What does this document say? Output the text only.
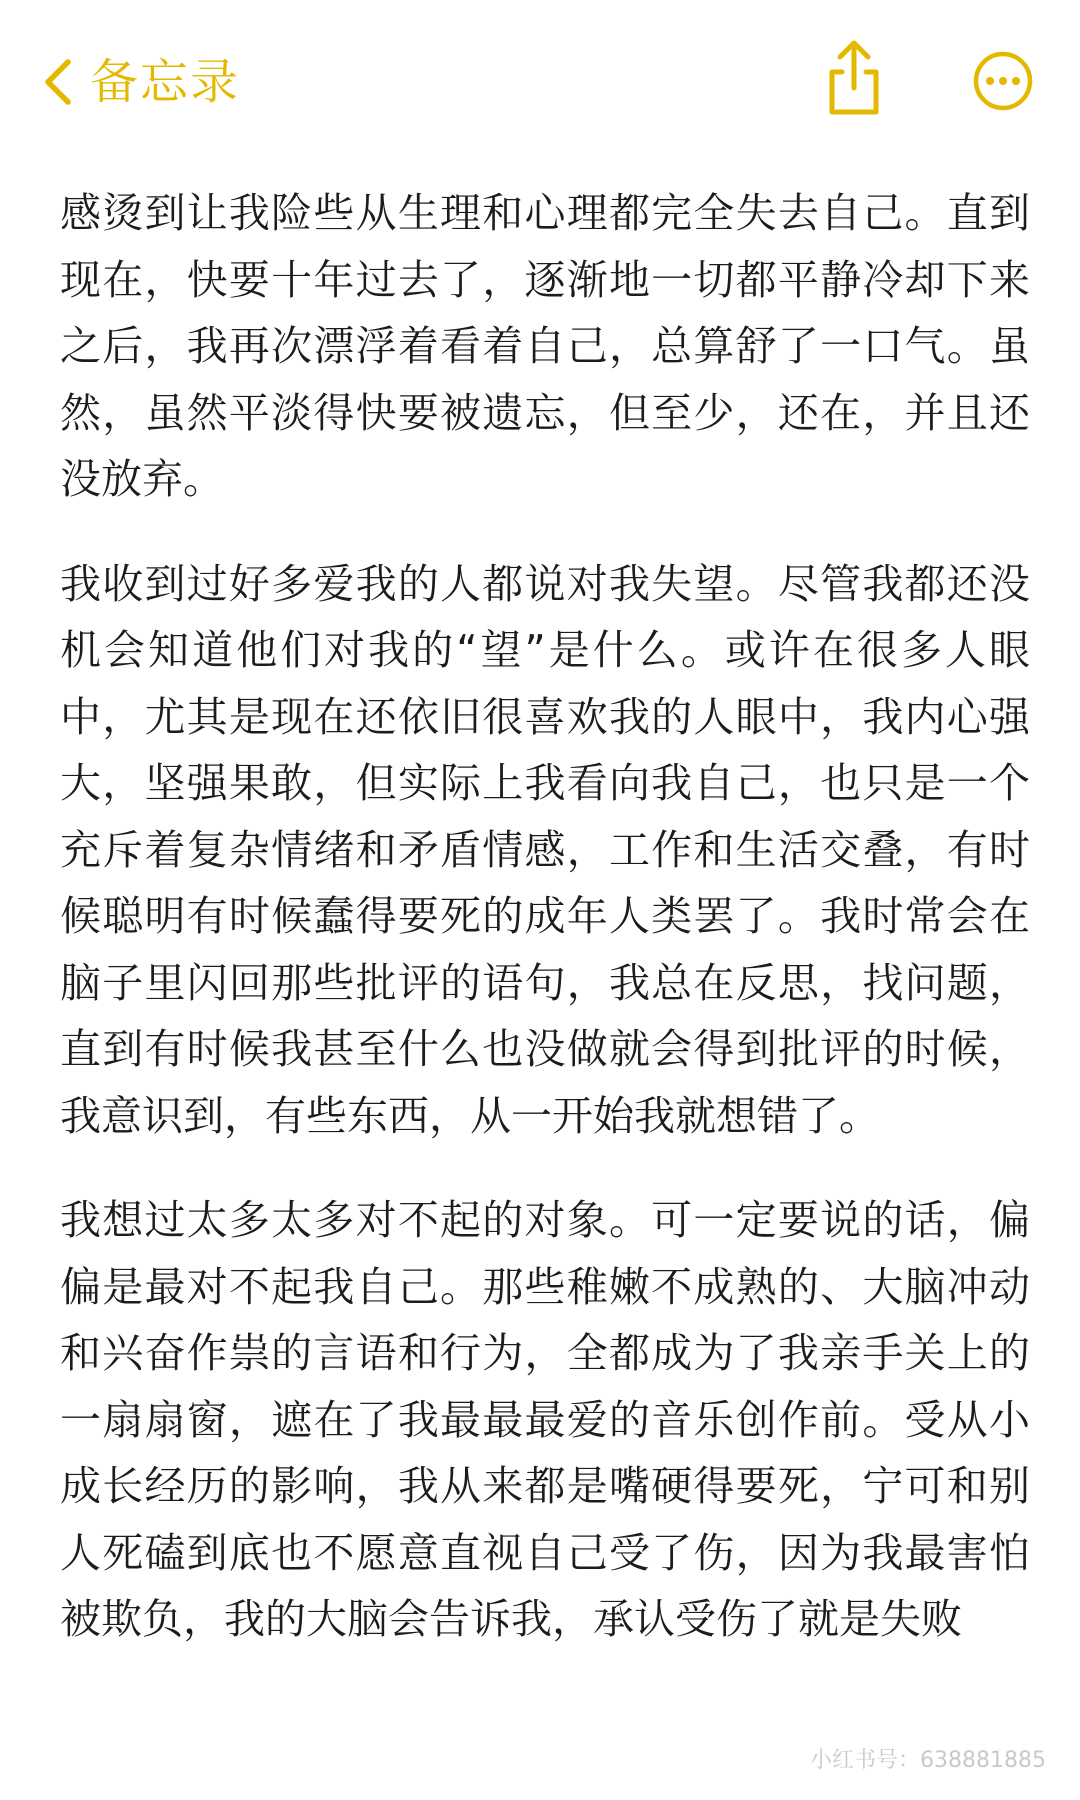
备忘录

感烫到让我险些从生理和心理都完全失去自己。直到现在，快要十年过去了，逐渐地一切都平静冷却下来之后，我再次漂浮着看着自己，总算舒了一口气。虽然，虽然平淡得快要被遗忘，但至少，还在，并且还没放弃。

我收到过好多爱我的人都说对我失望。尽管我都还没机会知道他们对我的“望”是什么。或许在很多人眼中，尤其是现在还依旧很喜欢我的人眼中，我内心强大，坚强果敢，但实际上我看向我自己，也只是一个充斥着复杂情绪和矛盾情感，工作和生活交叠，有时候聪明有时候蠢得要死的成年人类罢了。我时常会在脑子里闪回那些批评的语句，我总在反思，找问题，直到有时候我甚至什么也没做就会得到批评的时候，我意识到，有些东西，从一开始我就想错了。

我想过太多太多对不起的对象。可一定要说的话，偏偏是最对不起我自己。那些稚嫩不成熟的、大脑冲动和兴奋作祟的言语和行为，全都成为了我亲手关上的一扇扇窗，遮在了我最最最爱的音乐创作前。受从小成长经历的影响，我从来都是嘴硬得要死，宁可和别人死磕到底也不愿意直视自己受了伤，因为我最害怕被欺负，我的大脑会告诉我，承认受伤了就是失败

小红书号：638881885
